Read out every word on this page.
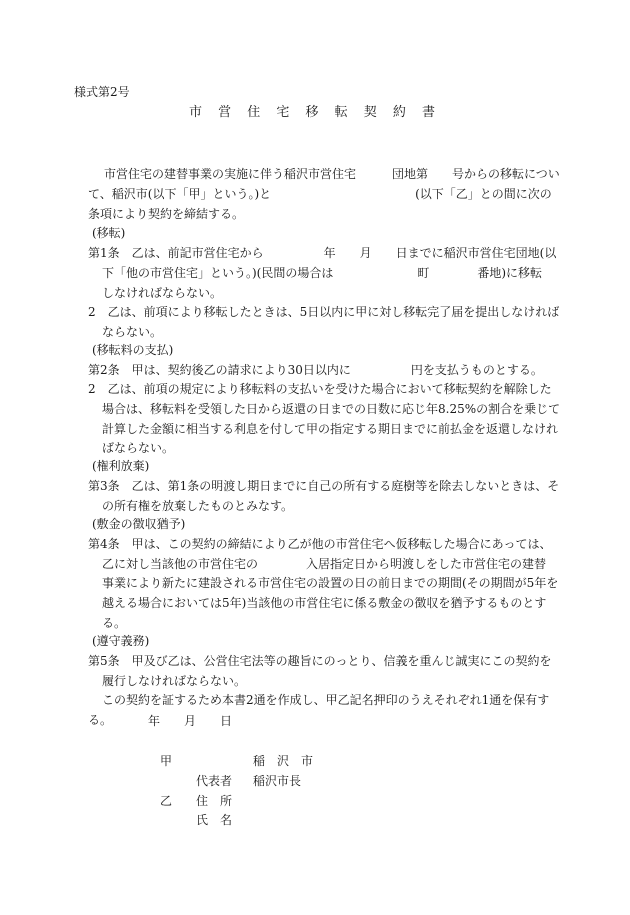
様式第2号
市 営 住 宅 移 転 契 約 書
市営住宅の建替事業の実施に伴う稲沢市営住宅　　　団地第　　号からの移転につい
て、稲沢市(以下「甲」という。)と　　　　　　　　　　　　(以下「乙」との間に次の
条項により契約を締結する。
(移転)
第1条　乙は、前記市営住宅から　　　　　年　　月　　日までに稲沢市営住宅団地(以
下「他の市営住宅」という。)(民間の場合は　　　　　　　町　　　　番地)に移転
しなければならない。
2　乙は、前項により移転したときは、5日以内に甲に対し移転完了届を提出しなければ
ならない。
(移転料の支払)
第2条　甲は、契約後乙の請求により30日以内に　　　　　円を支払うものとする。
2　乙は、前項の規定により移転料の支払いを受けた場合において移転契約を解除した
場合は、移転料を受領した日から返還の日までの日数に応じ年8.25%の割合を乗じて
計算した金額に相当する利息を付して甲の指定する期日までに前払金を返還しなけれ
ばならない。
(権利放棄)
第3条　乙は、第1条の明渡し期日までに自己の所有する庭樹等を除去しないときは、そ
の所有権を放棄したものとみなす。
(敷金の徴収猶予)
第4条　甲は、この契約の締結により乙が他の市営住宅へ仮移転した場合にあっては、
乙に対し当該他の市営住宅の　　　　入居指定日から明渡しをした市営住宅の建替
事業により新たに建設される市営住宅の設置の日の前日までの期間(その期間が5年を
越える場合においては5年)当該他の市営住宅に係る敷金の徴収を猶予するものとす
る。
(遵守義務)
第5条　甲及び乙は、公営住宅法等の趣旨にのっとり、信義を重んじ誠実にこの契約を
履行しなければならない。
この契約を証するため本書2通を作成し、甲乙記名押印のうえそれぞれ1通を保有す
る。	年　　月　　日
甲	稲　沢　市
代表者 稲沢市長
乙 住　所
氏　名
